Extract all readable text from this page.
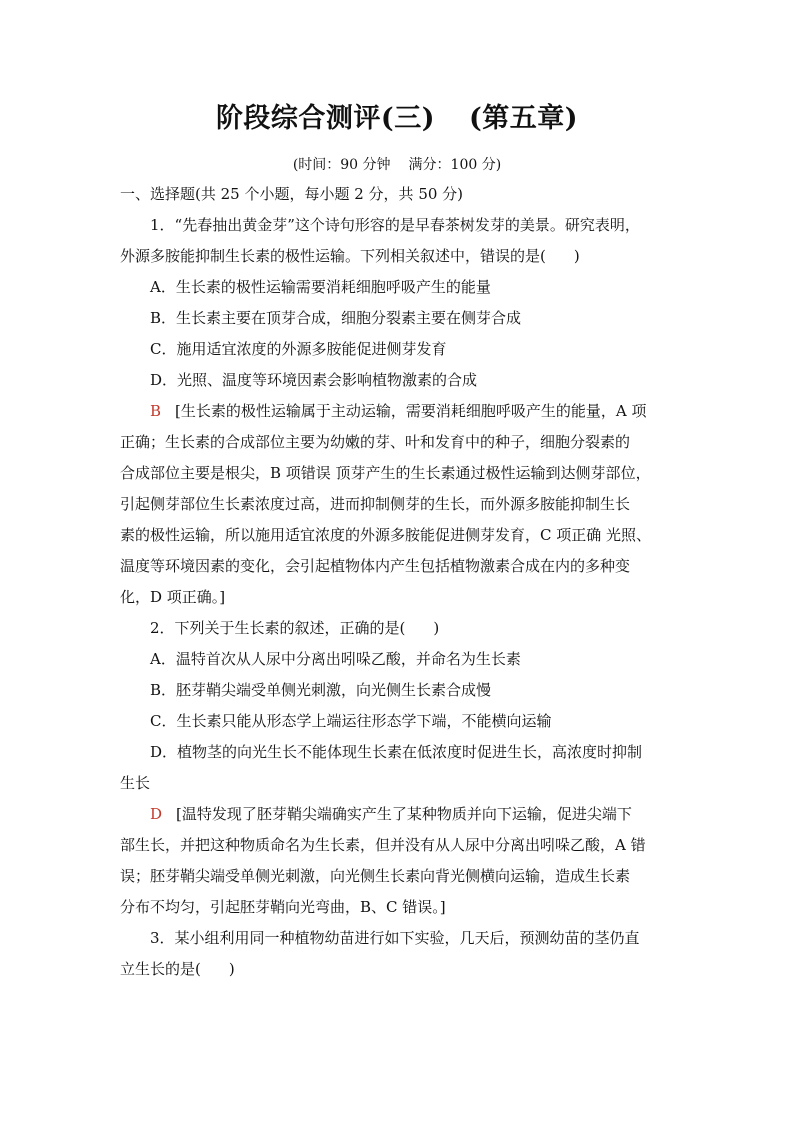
阶段综合测评(三) (第五章)
(时间：90 分钟 满分：100 分)
一、选择题(共 25 个小题，每小题 2 分，共 50 分)
1．“先春抽出黄金芽”这个诗句形容的是早春茶树发芽的美景。研究表明，
外源多胺能抑制生长素的极性运输。下列相关叙述中，错误的是( )
A．生长素的极性运输需要消耗细胞呼吸产生的能量
B．生长素主要在顶芽合成，细胞分裂素主要在侧芽合成
C．施用适宜浓度的外源多胺能促进侧芽发育
D．光照、温度等环境因素会影响植物激素的合成
B [生长素的极性运输属于主动运输，需要消耗细胞呼吸产生的能量，A 项
正确；生长素的合成部位主要为幼嫩的芽、叶和发育中的种子，细胞分裂素的
合成部位主要是根尖，B 项错误 顶芽产生的生长素通过极性运输到达侧芽部位，
引起侧芽部位生长素浓度过高，进而抑制侧芽的生长，而外源多胺能抑制生长
素的极性运输，所以施用适宜浓度的外源多胺能促进侧芽发育，C 项正确 光照、
温度等环境因素的变化，会引起植物体内产生包括植物激素合成在内的多种变
化，D 项正确。]
2．下列关于生长素的叙述，正确的是( )
A．温特首次从人尿中分离出吲哚乙酸，并命名为生长素
B．胚芽鞘尖端受单侧光刺激，向光侧生长素合成慢
C．生长素只能从形态学上端运往形态学下端，不能横向运输
D．植物茎的向光生长不能体现生长素在低浓度时促进生长，高浓度时抑制
生长
D [温特发现了胚芽鞘尖端确实产生了某种物质并向下运输，促进尖端下
部生长，并把这种物质命名为生长素，但并没有从人尿中分离出吲哚乙酸，A 错
误；胚芽鞘尖端受单侧光刺激，向光侧生长素向背光侧横向运输，造成生长素
分布不均匀，引起胚芽鞘向光弯曲，B、C 错误。]
3．某小组利用同一种植物幼苗进行如下实验，几天后，预测幼苗的茎仍直
立生长的是( )
